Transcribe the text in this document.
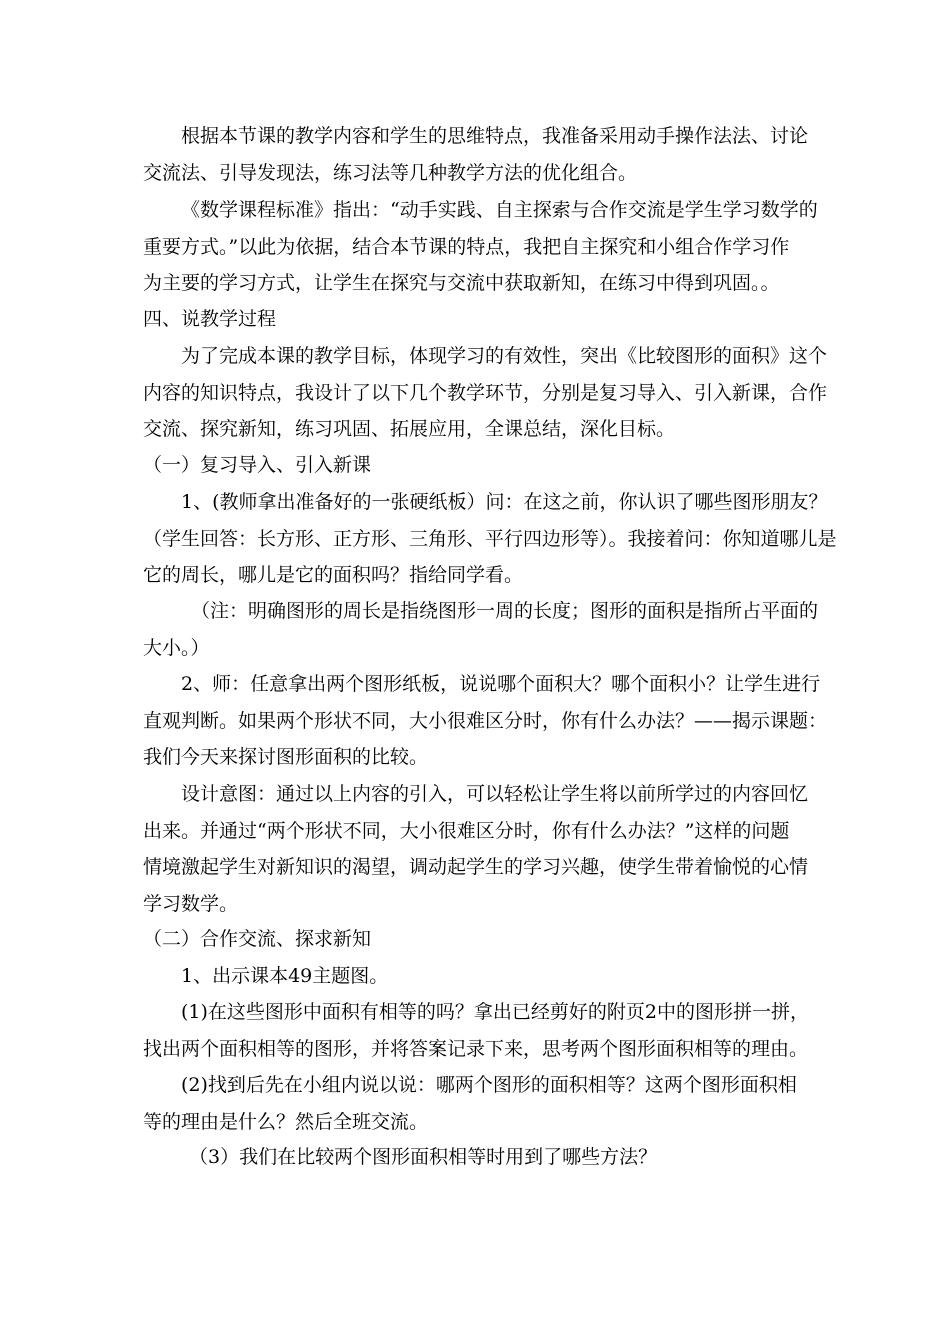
根据本节课的教学内容和学生的思维特点，我准备采用动手操作法法、讨论
交流法、引导发现法，练习法等几种教学方法的优化组合。

《数学课程标准》指出：“动手实践、自主探索与合作交流是学生学习数学的
重要方式。”以此为依据，结合本节课的特点，我把自主探究和小组合作学习作
为主要的学习方式，让学生在探究与交流中获取新知，在练习中得到巩固。。

四、说教学过程

为了完成本课的教学目标，体现学习的有效性，突出《比较图形的面积》这个
内容的知识特点，我设计了以下几个教学环节，分别是复习导入、引入新课，合作
交流、探究新知，练习巩固、拓展应用，全课总结，深化目标。

（一）复习导入、引入新课

1、(教师拿出准备好的一张硬纸板）问：在这之前，你认识了哪些图形朋友？
（学生回答：长方形、正方形、三角形、平行四边形等）。我接着问：你知道哪儿是
它的周长，哪儿是它的面积吗？指给同学看。

（注：明确图形的周长是指绕图形一周的长度；图形的面积是指所占平面的
大小。）

2、师：任意拿出两个图形纸板，说说哪个面积大？哪个面积小？让学生进行
直观判断。如果两个形状不同，大小很难区分时，你有什么办法？——揭示课题：
我们今天来探讨图形面积的比较。

设计意图：通过以上内容的引入，可以轻松让学生将以前所学过的内容回忆
出来。并通过“两个形状不同，大小很难区分时，你有什么办法？”这样的问题
情境激起学生对新知识的渴望，调动起学生的学习兴趣，使学生带着愉悦的心情
学习数学。

（二）合作交流、探求新知

1、出示课本49主题图。

(1)在这些图形中面积有相等的吗？拿出已经剪好的附页2中的图形拼一拼，
找出两个面积相等的图形，并将答案记录下来，思考两个图形面积相等的理由。

(2)找到后先在小组内说以说：哪两个图形的面积相等？这两个图形面积相
等的理由是什么？然后全班交流。

（3）我们在比较两个图形面积相等时用到了哪些方法？
